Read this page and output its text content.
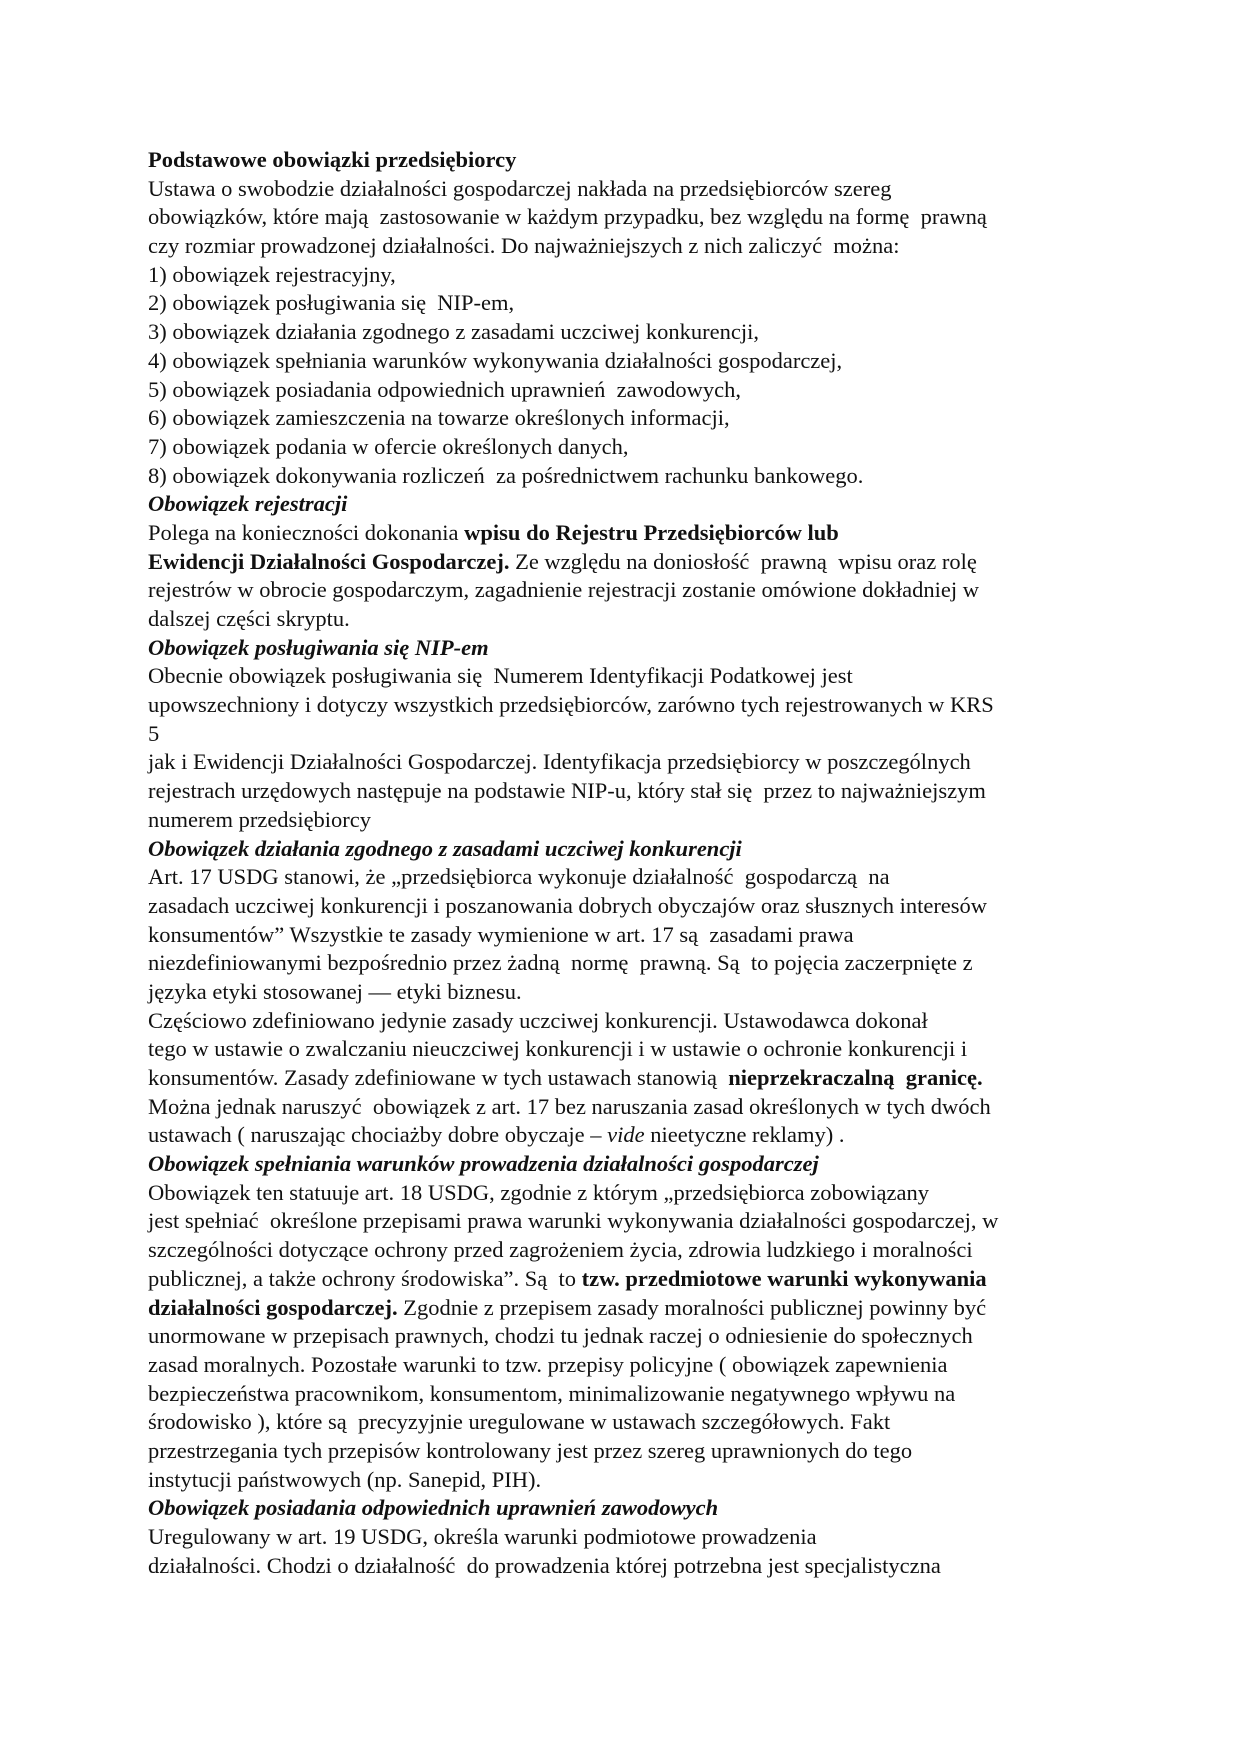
Podstawowe obowiązki przedsiębiorcy
Ustawa o swobodzie działalności gospodarczej nakłada na przedsiębiorców szereg
obowiązków, które mają  zastosowanie w każdym przypadku, bez względu na formę  prawną
czy rozmiar prowadzonej działalności. Do najważniejszych z nich zaliczyć  można:
1) obowiązek rejestracyjny,
2) obowiązek posługiwania się  NIP-em,
3) obowiązek działania zgodnego z zasadami uczciwej konkurencji,
4) obowiązek spełniania warunków wykonywania działalności gospodarczej,
5) obowiązek posiadania odpowiednich uprawnień  zawodowych,
6) obowiązek zamieszczenia na towarze określonych informacji,
7) obowiązek podania w ofercie określonych danych,
8) obowiązek dokonywania rozliczeń  za pośrednictwem rachunku bankowego.
Obowiązek rejestracji
Polega na konieczności dokonania wpisu do Rejestru Przedsiębiorców lub
Ewidencji Działalności Gospodarczej. Ze względu na doniosłość  prawną  wpisu oraz rolę
rejestrów w obrocie gospodarczym, zagadnienie rejestracji zostanie omówione dokładniej w
dalszej części skryptu.
Obowiązek posługiwania się NIP-em
Obecnie obowiązek posługiwania się  Numerem Identyfikacji Podatkowej jest
upowszechniony i dotyczy wszystkich przedsiębiorców, zarówno tych rejestrowanych w KRS
5
jak i Ewidencji Działalności Gospodarczej. Identyfikacja przedsiębiorcy w poszczególnych
rejestrach urzędowych następuje na podstawie NIP-u, który stał się  przez to najważniejszym
numerem przedsiębiorcy
Obowiązek działania zgodnego z zasadami uczciwej konkurencji
Art. 17 USDG stanowi, że „przedsiębiorca wykonuje działalność  gospodarczą  na
zasadach uczciwej konkurencji i poszanowania dobrych obyczajów oraz słusznych interesów
konsumentów” Wszystkie te zasady wymienione w art. 17 są  zasadami prawa
niezdefiniowanymi bezpośrednio przez żadną  normę  prawną. Są  to pojęcia zaczerpnięte z
języka etyki stosowanej — etyki biznesu.
Częściowo zdefiniowano jedynie zasady uczciwej konkurencji. Ustawodawca dokonał
tego w ustawie o zwalczaniu nieuczciwej konkurencji i w ustawie o ochronie konkurencji i
konsumentów. Zasady zdefiniowane w tych ustawach stanowią  nieprzekraczalną  granicę.
Można jednak naruszyć  obowiązek z art. 17 bez naruszania zasad określonych w tych dwóch
ustawach ( naruszając chociażby dobre obyczaje – vide nieetyczne reklamy) .
Obowiązek spełniania warunków prowadzenia działalności gospodarczej
Obowiązek ten statuuje art. 18 USDG, zgodnie z którym „przedsiębiorca zobowiązany
jest spełniać  określone przepisami prawa warunki wykonywania działalności gospodarczej, w
szczególności dotyczące ochrony przed zagrożeniem życia, zdrowia ludzkiego i moralności
publicznej, a także ochrony środowiska”. Są  to tzw. przedmiotowe warunki wykonywania
działalności gospodarczej. Zgodnie z przepisem zasady moralności publicznej powinny być
unormowane w przepisach prawnych, chodzi tu jednak raczej o odniesienie do społecznych
zasad moralnych. Pozostałe warunki to tzw. przepisy policyjne ( obowiązek zapewnienia
bezpieczeństwa pracownikom, konsumentom, minimalizowanie negatywnego wpływu na
środowisko ), które są  precyzyjnie uregulowane w ustawach szczegółowych. Fakt
przestrzegania tych przepisów kontrolowany jest przez szereg uprawnionych do tego
instytucji państwowych (np. Sanepid, PIH).
Obowiązek posiadania odpowiednich uprawnień zawodowych
Uregulowany w art. 19 USDG, określa warunki podmiotowe prowadzenia
działalności. Chodzi o działalność  do prowadzenia której potrzebna jest specjalistyczna
